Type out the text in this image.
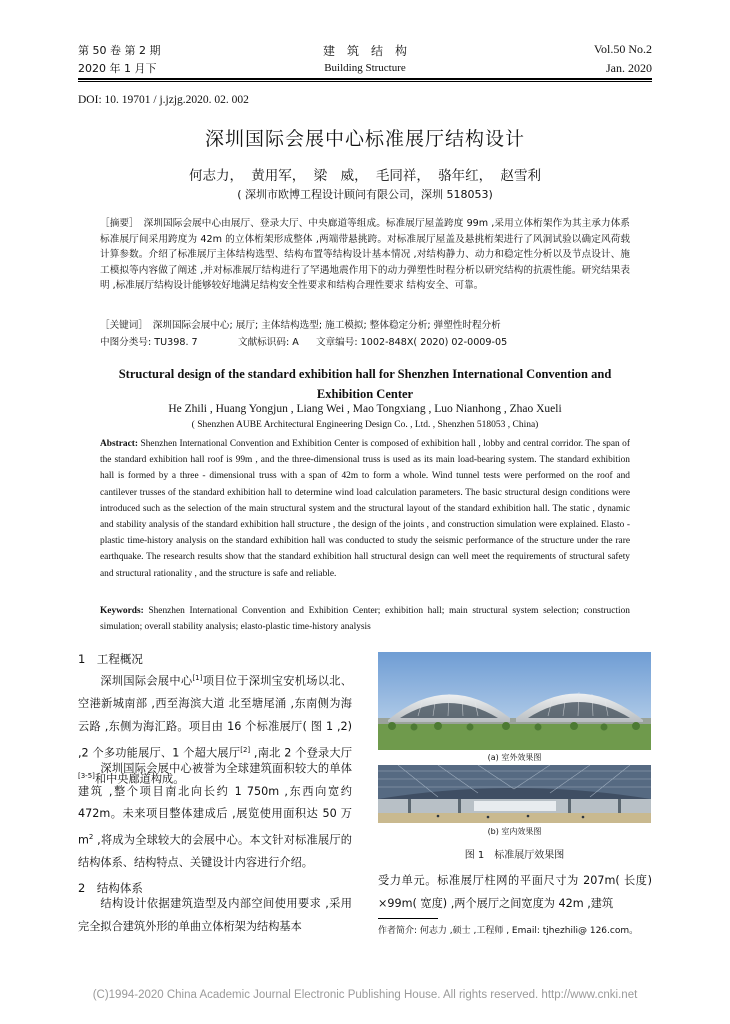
第 50 卷 第 2 期
2020 年 1 月下
建　筑　结　构
Building Structure
Vol.50 No.2
Jan. 2020
DOI: 10. 19701 / j.jzjg.2020. 02. 002
深圳国际会展中心标准展厅结构设计
何志力， 黄用军， 梁　威， 毛同祥， 骆年红， 赵雪利
( 深圳市欧博工程设计顾问有限公司，深圳 518053)
［摘要］　深圳国际会展中心由展厅、登录大厅、中央廊道等组成。标准展厅屋盖跨度 99m ,采用立体桁架作为其主承力体系 标准展厅间采用跨度为 42m 的立体桁架形成整体 ,两端带悬挑跨。对标准展厅屋盖及悬挑桁架进行了风洞试验以确定风荷载计算参数。介绍了标准展厅主体结构选型、结构布置等结构设计基本情况 ,对结构静力、动力和稳定性分析以及节点设计、施工模拟等内容做了阐述 ,并对标准展厅结构进行了罕遇地震作用下的动力弹塑性时程分析以研究结构的抗震性能。研究结果表明 ,标准展厅结构设计能够较好地满足结构安全性要求和结构合理性要求 结构安全、可靠。
［关键词］　深圳国际会展中心; 展厅; 主体结构选型; 施工模拟; 整体稳定分析; 弹塑性时程分析
中图分类号: TU398. 7	文献标识码: A 文章编号: 1002-848X( 2020) 02-0009-05
Structural design of the standard exhibition hall for Shenzhen International Convention and Exhibition Center
He Zhili , Huang Yongjun , Liang Wei , Mao Tongxiang , Luo Nianhong , Zhao Xueli
( Shenzhen AUBE Architectural Engineering Design Co. , Ltd. , Shenzhen 518053 , China)
Abstract: Shenzhen International Convention and Exhibition Center is composed of exhibition hall , lobby and central corridor. The span of the standard exhibition hall roof is 99m , and the three-dimensional truss is used as its main load-bearing system. The standard exhibition hall is formed by a three - dimensional truss with a span of 42m to form a whole. Wind tunnel tests were performed on the roof and cantilever trusses of the standard exhibition hall to determine wind load calculation parameters. The basic structural design conditions were introduced such as the selection of the main structural system and the structural layout of the standard exhibition hall. The static , dynamic and stability analysis of the standard exhibition hall structure , the design of the joints , and construction simulation were explained. Elasto - plastic time-history analysis on the standard exhibition hall was conducted to study the seismic performance of the structure under the rare earthquake. The research results show that the standard exhibition hall structural design can well meet the requirements of structural safety and structural rationality , and the structure is safe and reliable.
Keywords: Shenzhen International Convention and Exhibition Center; exhibition hall; main structural system selection; construction simulation; overall stability analysis; elasto-plastic time-history analysis
1　工程概况
深圳国际会展中心[1]项目位于深圳宝安机场以北、空港新城南部 ,西至海滨大道 北至塘尾涌 ,东南侧为海云路 ,东侧为海汇路。项目由 16 个标准展厅( 图 1 ,2) ,2 个多功能展厅、1 个超大展厅[2] ,南北 2 个登录大厅[3-5]和中央廊道构成。
深圳国际会展中心被誉为全球建筑面积较大的单体建筑 ,整个项目南北向长约 1 750m ,东西向宽约 472m。未来项目整体建成后 ,展览使用面积达 50 万 $m^2$ ,将成为全球较大的会展中心。本文针对标准展厅的结构体系、结构特点、关键设计内容进行介绍。
2　结构体系
结构设计依据建筑造型及内部空间使用要求 ,采用完全拟合建筑外形的单曲立体桁架为结构基本
(a) 室外效果图
(b) 室内效果图
图 1　标准展厅效果图
受力单元。标准展厅柱网的平面尺寸为 207m( 长度) ×99m( 宽度) ,两个展厅之间宽度为 42m ,建筑
作者简介: 何志力 ,硕士 ,工程师 , Email: tjhezhili@ 126.com。
(C)1994-2020 China Academic Journal Electronic Publishing House. All rights reserved. http://www.cnki.net
